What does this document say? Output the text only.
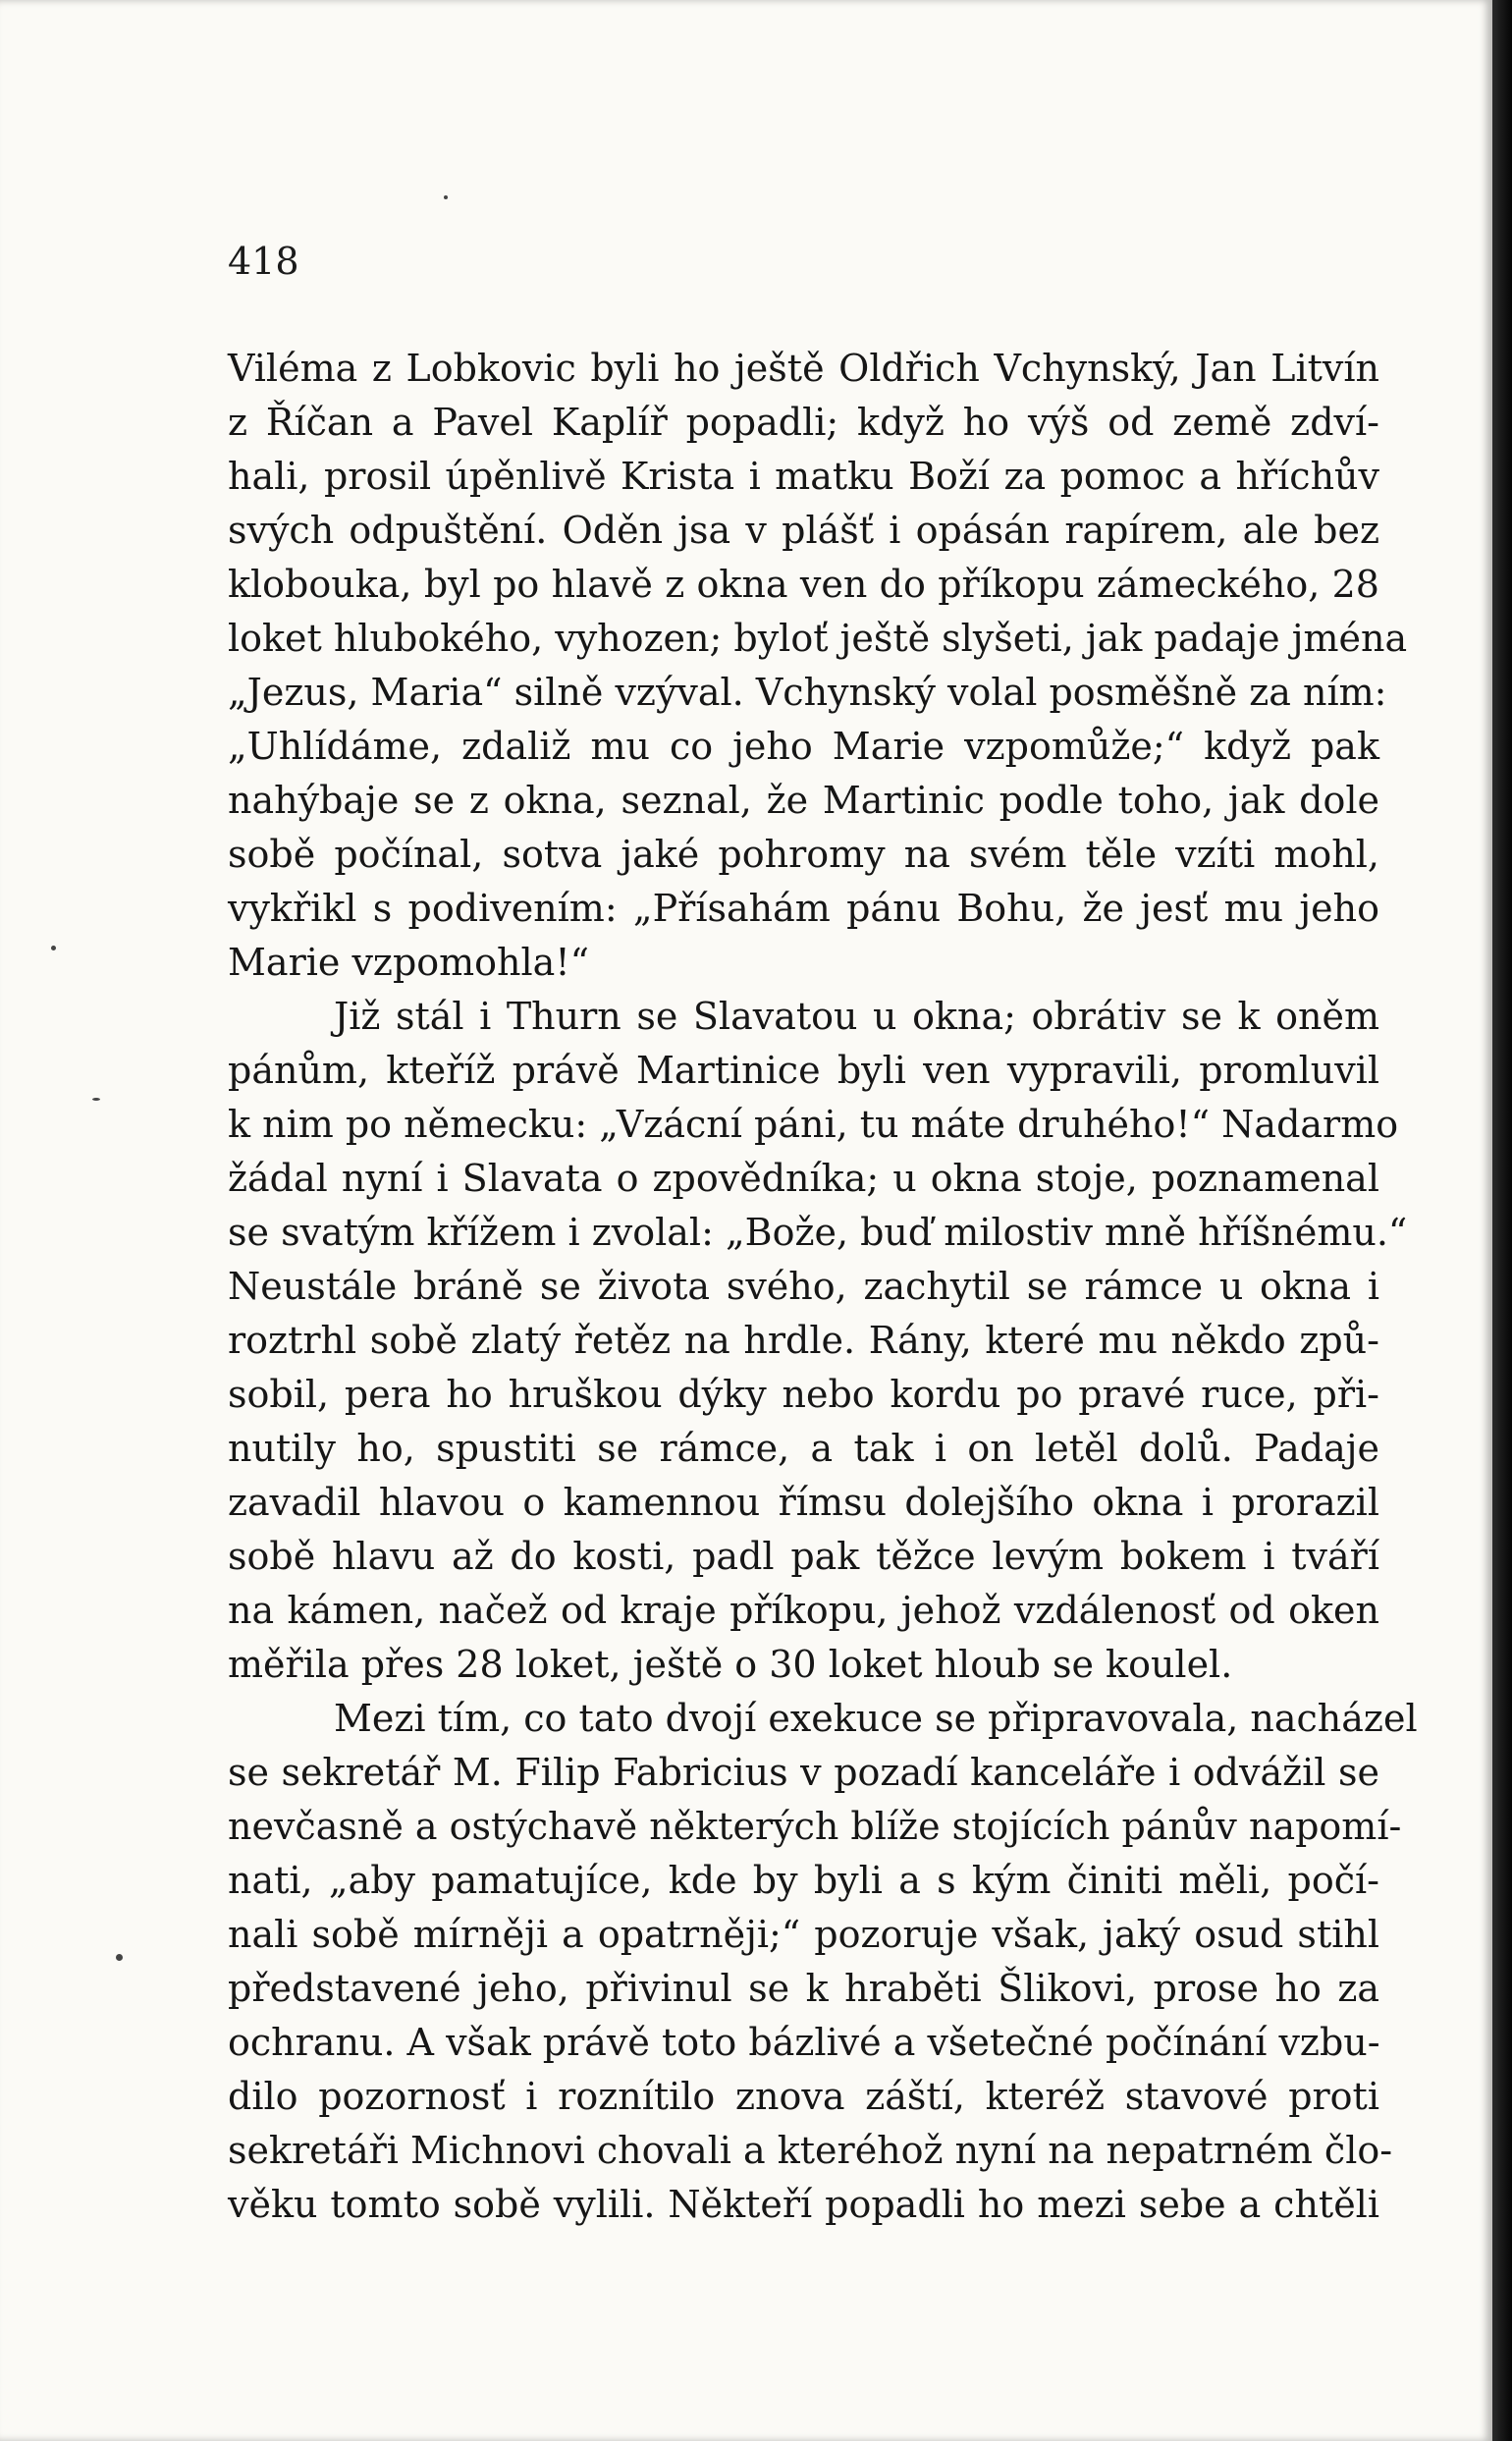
418
Viléma z Lobkovic byli ho ještě Oldřich Vchynský, Jan Litvín
z Říčan a Pavel Kaplíř popadli; když ho výš od země zdví-
hali, prosil úpěnlivě Krista i matku Boží za pomoc a hříchův
svých odpuštění. Oděn jsa v plášť i opásán rapírem, ale bez
klobouka, byl po hlavě z okna ven do příkopu zámeckého, 28
loket hlubokého, vyhozen; byloť ještě slyšeti, jak padaje jména
„Jezus, Maria“ silně vzýval. Vchynský volal posměšně za ním:
„Uhlídáme, zdaliž mu co jeho Marie vzpomůže;“ když pak
nahýbaje se z okna, seznal, že Martinic podle toho, jak dole
sobě počínal, sotva jaké pohromy na svém těle vzíti mohl,
vykřikl s podivením: „Přísahám pánu Bohu, že jesť mu jeho
Marie vzpomohla!“
Již stál i Thurn se Slavatou u okna; obrátiv se k oněm
pánům, kteříž právě Martinice byli ven vypravili, promluvil
k nim po německu: „Vzácní páni, tu máte druhého!“ Nadarmo
žádal nyní i Slavata o zpovědníka; u okna stoje, poznamenal
se svatým křížem i zvolal: „Bože, buď milostiv mně hříšnému.“
Neustále bráně se života svého, zachytil se rámce u okna i
roztrhl sobě zlatý řetěz na hrdle. Rány, které mu někdo způ-
sobil, pera ho hruškou dýky nebo kordu po pravé ruce, při-
nutily ho, spustiti se rámce, a tak i on letěl dolů. Padaje
zavadil hlavou o kamennou římsu dolejšího okna i prorazil
sobě hlavu až do kosti, padl pak těžce levým bokem i tváří
na kámen, načež od kraje příkopu, jehož vzdálenosť od oken
měřila přes 28 loket, ještě o 30 loket hloub se koulel.
Mezi tím, co tato dvojí exekuce se připravovala, nacházel
se sekretář M. Filip Fabricius v pozadí kanceláře i odvážil se
nevčasně a ostýchavě některých blíže stojících pánův napomí-
nati, „aby pamatujíce, kde by byli a s kým činiti měli, počí-
nali sobě mírněji a opatrněji;“ pozoruje však, jaký osud stihl
představené jeho, přivinul se k hraběti Šlikovi, prose ho za
ochranu. A však právě toto bázlivé a všetečné počínání vzbu-
dilo pozornosť i roznítilo znova záští, kteréž stavové proti
sekretáři Michnovi chovali a kteréhož nyní na nepatrném člo-
věku tomto sobě vylili. Někteří popadli ho mezi sebe a chtěli
